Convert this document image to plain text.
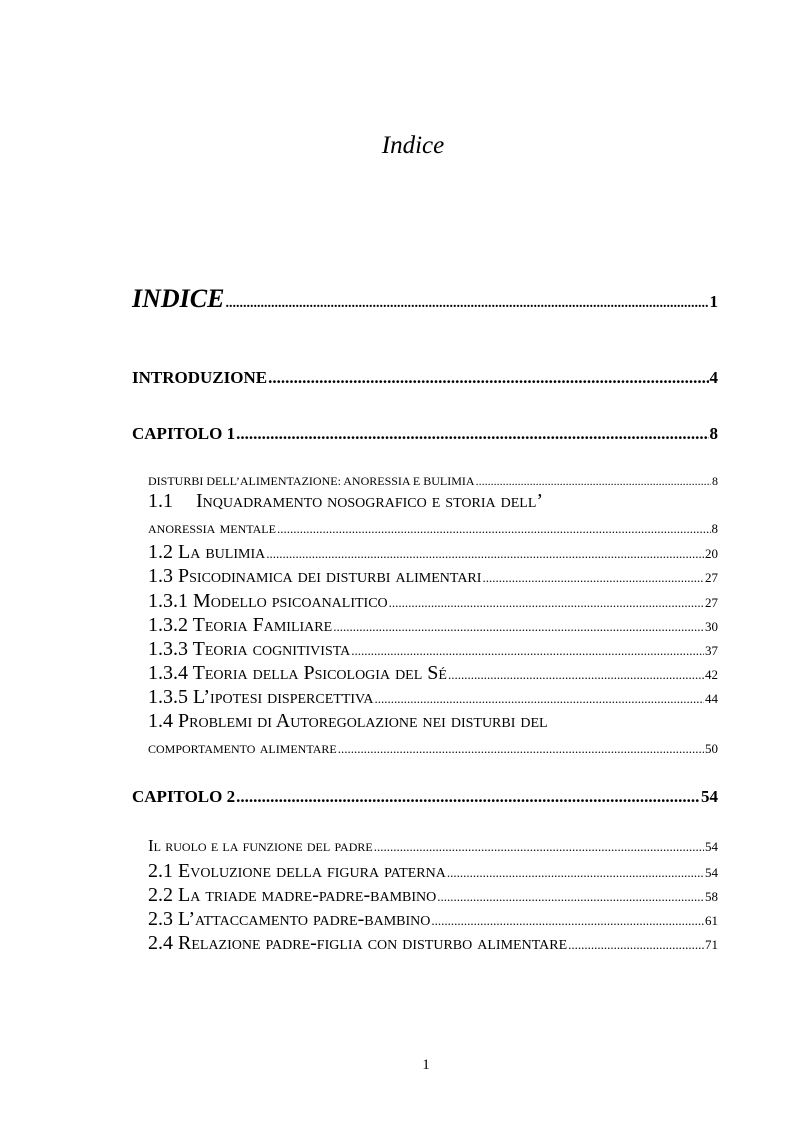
Indice
INDICE .....	1
INTRODUZIONE .....	4
CAPITOLO 1 .....	8
DISTURBI DELL’ALIMENTAZIONE: ANORESSIA E BULIMIA .....	8
1.1 Inquadramento nosografico e storia dell’
anoressia mentale .....	8
1.2 La bulimia .....	20
1.3 Psicodinamica dei disturbi alimentari .....	27
1.3.1 Modello psicoanalitico .....	27
1.3.2 Teoria Familiare .....	30
1.3.3 Teoria cognitivista .....	37
1.3.4 Teoria della Psicologia del Sé .....	42
1.3.5 L’ipotesi dispercettiva .....	44
1.4 Problemi di Autoregolazione nei disturbi del
comportamento alimentare .....	50
CAPITOLO 2 .....	54
Il ruolo e la funzione del padre .....	54
2.1 Evoluzione della figura paterna .....	54
2.2 La triade madre-padre-bambino .....	58
2.3 L’attaccamento padre-bambino .....	61
2.4 Relazione padre-figlia con disturbo alimentare .....	71
1
